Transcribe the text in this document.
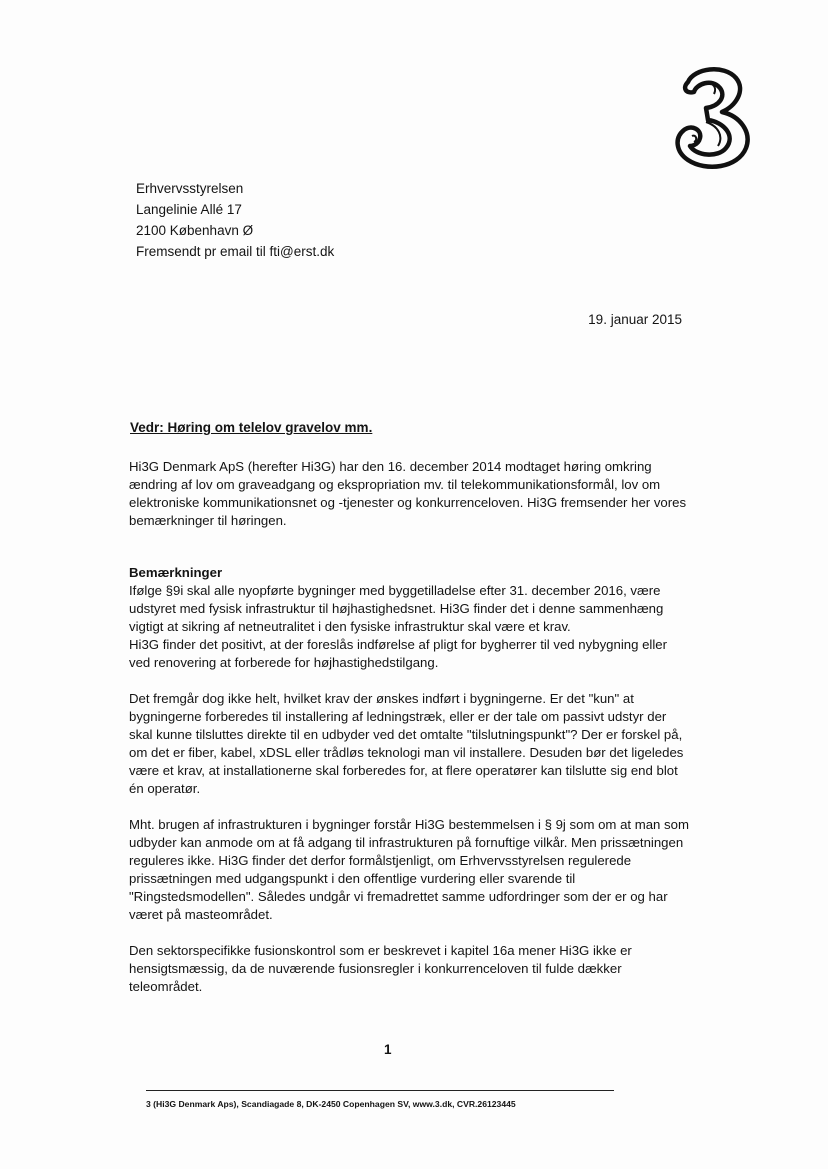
Erhvervsstyrelsen
Langelinie Allé 17
2100 København Ø
Fremsendt pr email til fti@erst.dk
19. januar 2015
Vedr: Høring om telelov gravelov mm.

Hi3G Denmark ApS (herefter Hi3G) har den 16. december 2014 modtaget høring omkring ændring af lov om graveadgang og ekspropriation mv. til telekommunikationsformål, lov om elektroniske kommunikationsnet og -tjenester og konkurrenceloven. Hi3G fremsender her vores bemærkninger til høringen.

Bemærkninger

Ifølge §9i skal alle nyopførte bygninger med byggetilladelse efter 31. december 2016, være udstyret med fysisk infrastruktur til højhastighedsnet. Hi3G finder det i denne sammenhæng vigtigt at sikring af netneutralitet i den fysiske infrastruktur skal være et krav.

Hi3G finder det positivt, at der foreslås indførelse af pligt for bygherrer til ved nybygning eller ved renovering at forberede for højhastighedstilgang.

Det fremgår dog ikke helt, hvilket krav der ønskes indført i bygningerne. Er det "kun" at bygningerne forberedes til installering af ledningstræk, eller er der tale om passivt udstyr der skal kunne tilsluttes direkte til en udbyder ved det omtalte "tilslutningspunkt"? Der er forskel på, om det er fiber, kabel, xDSL eller trådløs teknologi man vil installere. Desuden bør det ligeledes være et krav, at installationerne skal forberedes for, at flere operatører kan tilslutte sig end blot én operatør.

Mht. brugen af infrastrukturen i bygninger forstår Hi3G bestemmelsen i § 9j som om at man som udbyder kan anmode om at få adgang til infrastrukturen på fornuftige vilkår. Men prissætningen reguleres ikke. Hi3G finder det derfor formålstjenligt, om Erhvervsstyrelsen regulerede prissætningen med udgangspunkt i den offentlige vurdering eller svarende til "Ringstedsmodellen". Således undgår vi fremadrettet samme udfordringer som der er og har været på masteområdet.

Den sektorspecifikke fusionskontrol som er beskrevet i kapitel 16a mener Hi3G ikke er hensigtsmæssig, da de nuværende fusionsregler i konkurrenceloven til fulde dækker teleområdet.

1
3 (Hi3G Denmark Aps), Scandiagade 8, DK-2450 Copenhagen SV, www.3.dk, CVR.26123445
